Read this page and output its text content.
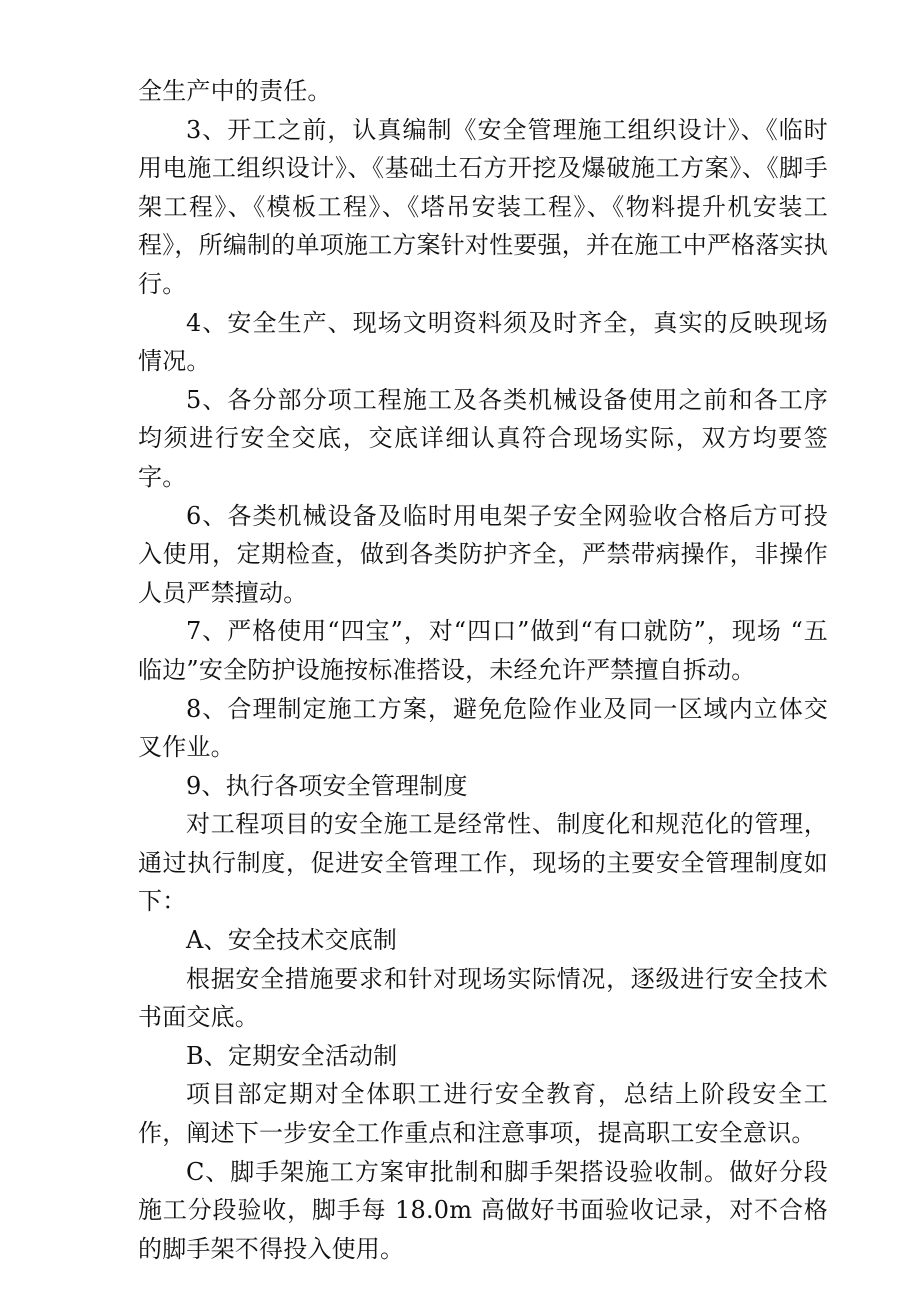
全生产中的责任。

3、开工之前，认真编制《安全管理施工组织设计》、《临时用电施工组织设计》、《基础土石方开挖及爆破施工方案》、《脚手架工程》、《模板工程》、《塔吊安装工程》、《物料提升机安装工程》，所编制的单项施工方案针对性要强，并在施工中严格落实执行。

4、安全生产、现场文明资料须及时齐全，真实的反映现场情况。

5、各分部分项工程施工及各类机械设备使用之前和各工序均须进行安全交底，交底详细认真符合现场实际，双方均要签字。

6、各类机械设备及临时用电架子安全网验收合格后方可投入使用，定期检查，做到各类防护齐全，严禁带病操作，非操作人员严禁擅动。

7、严格使用“四宝”，对“四口”做到“有口就防”，现场 “五临边”安全防护设施按标准搭设，未经允许严禁擅自拆动。

8、合理制定施工方案，避免危险作业及同一区域内立体交叉作业。

9、执行各项安全管理制度

对工程项目的安全施工是经常性、制度化和规范化的管理，通过执行制度，促进安全管理工作，现场的主要安全管理制度如下：

A、安全技术交底制

根据安全措施要求和针对现场实际情况，逐级进行安全技术书面交底。

B、定期安全活动制

项目部定期对全体职工进行安全教育，总结上阶段安全工作，阐述下一步安全工作重点和注意事项，提高职工安全意识。

C、脚手架施工方案审批制和脚手架搭设验收制。做好分段施工分段验收，脚手每 18.0m 高做好书面验收记录，对不合格的脚手架不得投入使用。
